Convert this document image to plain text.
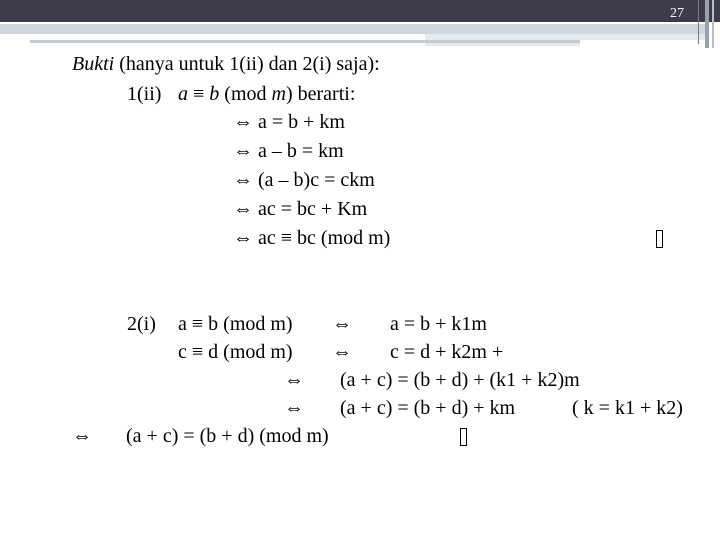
27
Bukti (hanya untuk 1(ii) dan 2(i) saja):
1(ii) a ≡ b (mod m) berarti:
⇔ a = b + km
⇔ a – b = km
⇔ (a – b)c = ckm
⇔ ac = bc + Km
⇔ ac ≡ bc (mod m)
2(i) a ≡ b (mod m) ⇔ a = b + k1m
c ≡ d (mod m) ⇔ c = d + k2m +
⇔ (a + c) = (b + d) + (k1 + k2)m
⇔ (a + c) = (b + d) + km	( k = k1 + k2)
⇔ (a + c) = (b + d) (mod m)
